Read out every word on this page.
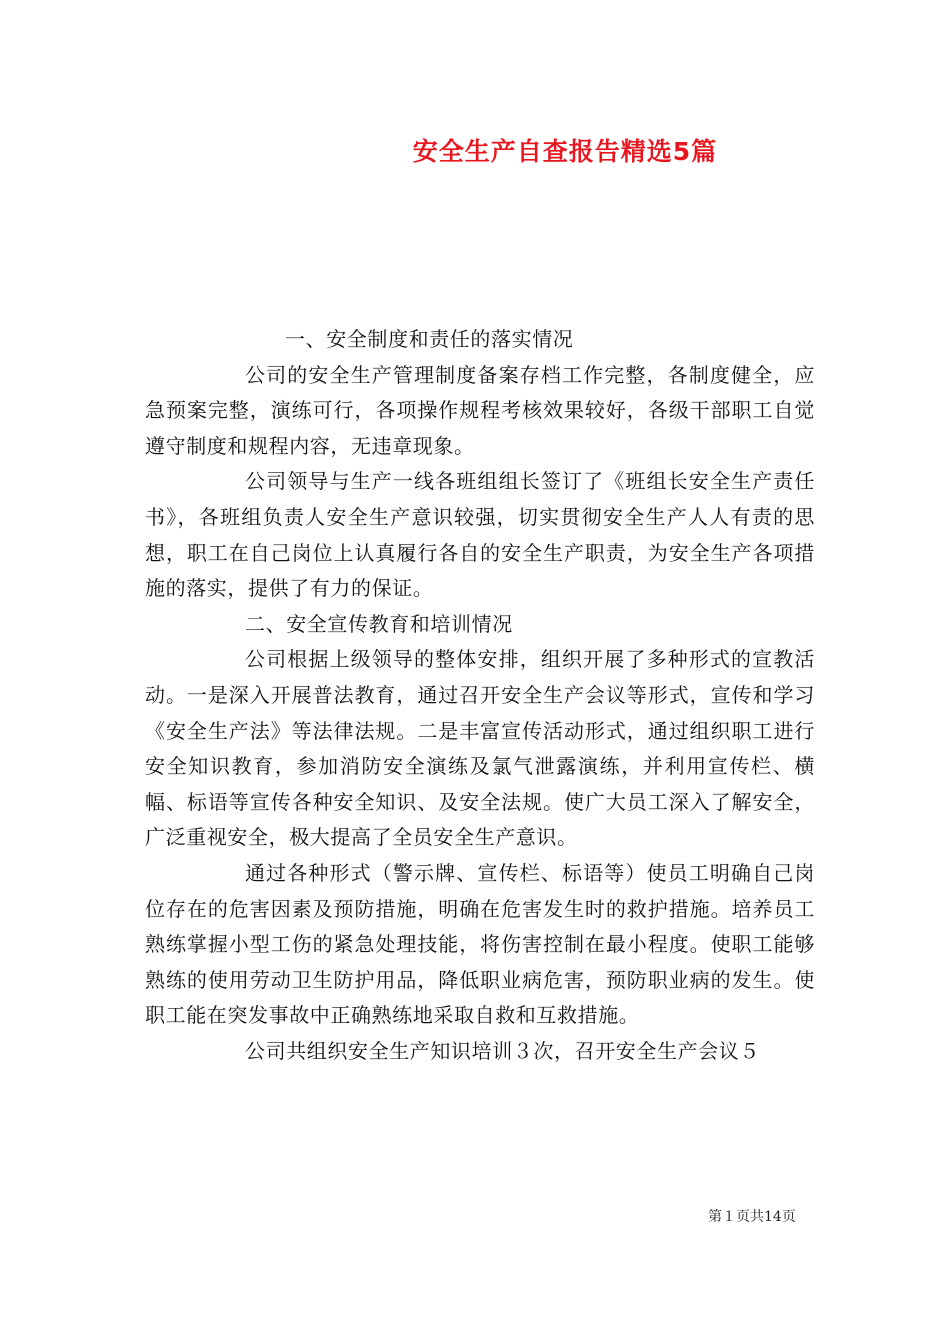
安全生产自查报告精选5篇

一、安全制度和责任的落实情况

公司的安全生产管理制度备案存档工作完整，各制度健全，应急预案完整，演练可行，各项操作规程考核效果较好，各级干部职工自觉遵守制度和规程内容，无违章现象。

公司领导与生产一线各班组组长签订了《班组长安全生产责任书》，各班组负责人安全生产意识较强，切实贯彻安全生产人人有责的思想，职工在自己岗位上认真履行各自的安全生产职责，为安全生产各项措施的落实，提供了有力的保证。

二、安全宣传教育和培训情况

公司根据上级领导的整体安排，组织开展了多种形式的宣教活动。一是深入开展普法教育，通过召开安全生产会议等形式，宣传和学习《安全生产法》等法律法规。二是丰富宣传活动形式，通过组织职工进行安全知识教育，参加消防安全演练及氯气泄露演练，并利用宣传栏、横幅、标语等宣传各种安全知识、及安全法规。使广大员工深入了解安全，广泛重视安全，极大提高了全员安全生产意识。

通过各种形式（警示牌、宣传栏、标语等）使员工明确自己岗位存在的危害因素及预防措施，明确在危害发生时的救护措施。培养员工熟练掌握小型工伤的紧急处理技能，将伤害控制在最小程度。使职工能够熟练的使用劳动卫生防护用品，降低职业病危害，预防职业病的发生。使职工能在突发事故中正确熟练地采取自救和互救措施。

公司共组织安全生产知识培训３次，召开安全生产会议５

第１页共14页
